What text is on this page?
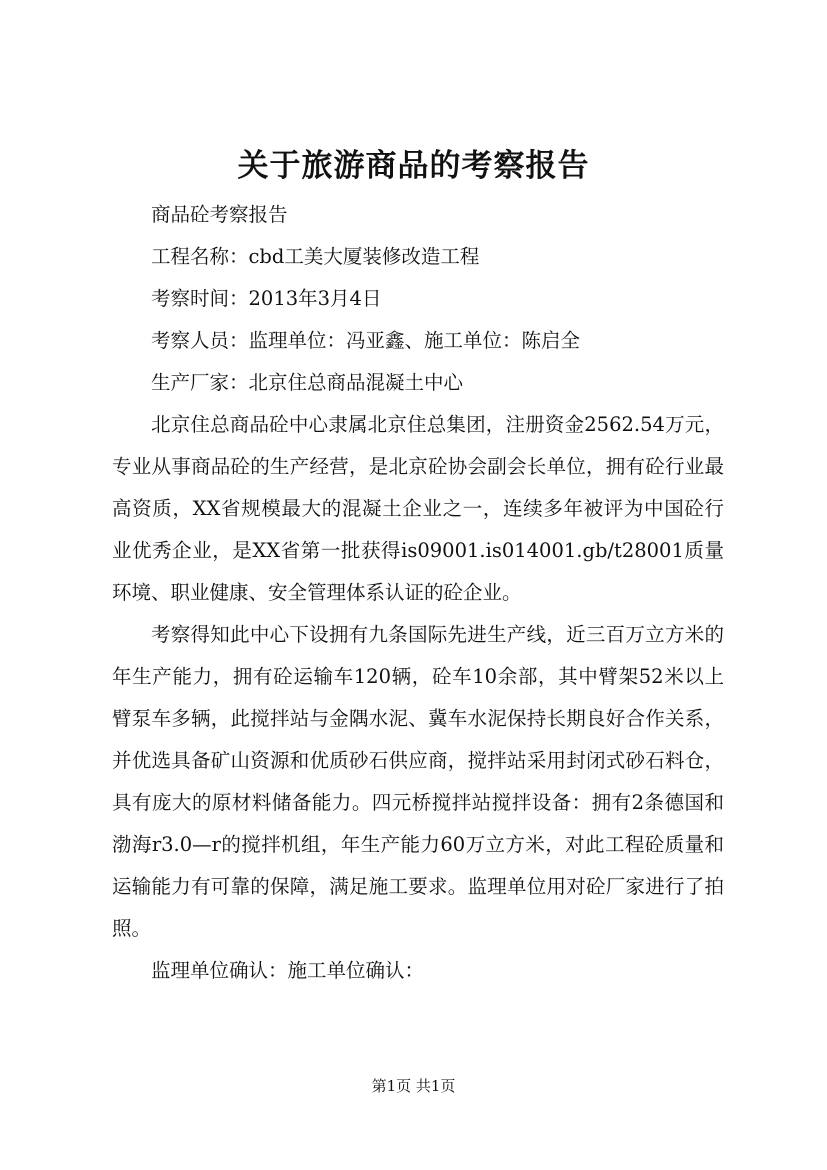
关于旅游商品的考察报告

商品砼考察报告

工程名称：cbd工美大厦装修改造工程

考察时间：2013年3月4日

考察人员：监理单位：冯亚鑫、施工单位：陈启全

生产厂家：北京住总商品混凝土中心

北京住总商品砼中心隶属北京住总集团，注册资金2562.54万元，专业从事商品砼的生产经营，是北京砼协会副会长单位，拥有砼行业最高资质，XX省规模最大的混凝土企业之一，连续多年被评为中国砼行业优秀企业，是XX省第一批获得is09001.is014001.gb/t28001质量环境、职业健康、安全管理体系认证的砼企业。

考察得知此中心下设拥有九条国际先进生产线，近三百万立方米的年生产能力，拥有砼运输车120辆，砼车10余部，其中臂架52米以上臂泵车多辆，此搅拌站与金隅水泥、冀车水泥保持长期良好合作关系，并优选具备矿山资源和优质砂石供应商，搅拌站采用封闭式砂石料仓，具有庞大的原材料储备能力。四元桥搅拌站搅拌设备：拥有2条德国和渤海r3.0—r的搅拌机组，年生产能力60万立方米，对此工程砼质量和运输能力有可靠的保障，满足施工要求。监理单位用对砼厂家进行了拍照。

监理单位确认：施工单位确认：

第1页 共1页
